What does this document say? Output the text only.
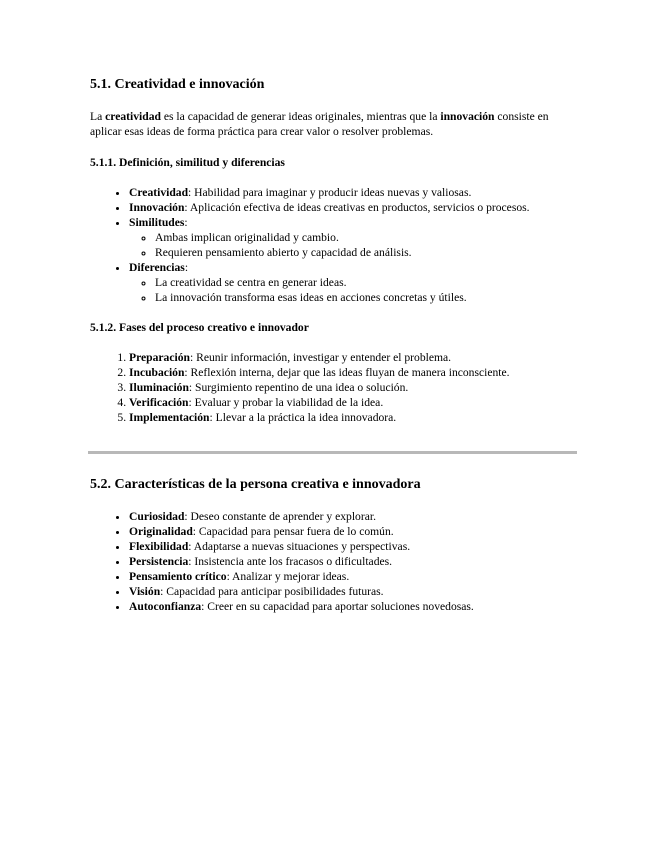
5.1. Creatividad e innovación

La creatividad es la capacidad de generar ideas originales, mientras que la innovación consiste en aplicar esas ideas de forma práctica para crear valor o resolver problemas.

5.1.1. Definición, similitud y diferencias
• Creatividad: Habilidad para imaginar y producir ideas nuevas y valiosas.
• Innovación: Aplicación efectiva de ideas creativas en productos, servicios o procesos.
• Similitudes:
◦ Ambas implican originalidad y cambio.
◦ Requieren pensamiento abierto y capacidad de análisis.
• Diferencias:
◦ La creatividad se centra en generar ideas.
◦ La innovación transforma esas ideas en acciones concretas y útiles.
5.1.2. Fases del proceso creativo e innovador
1. Preparación: Reunir información, investigar y entender el problema.
2. Incubación: Reflexión interna, dejar que las ideas fluyan de manera inconsciente.
3. Iluminación: Surgimiento repentino de una idea o solución.
4. Verificación: Evaluar y probar la viabilidad de la idea.
5. Implementación: Llevar a la práctica la idea innovadora.
5.2. Características de la persona creativa e innovadora
• Curiosidad: Deseo constante de aprender y explorar.
• Originalidad: Capacidad para pensar fuera de lo común.
• Flexibilidad: Adaptarse a nuevas situaciones y perspectivas.
• Persistencia: Insistencia ante los fracasos o dificultades.
• Pensamiento crítico: Analizar y mejorar ideas.
• Visión: Capacidad para anticipar posibilidades futuras.
• Autoconfianza: Creer en su capacidad para aportar soluciones novedosas.
